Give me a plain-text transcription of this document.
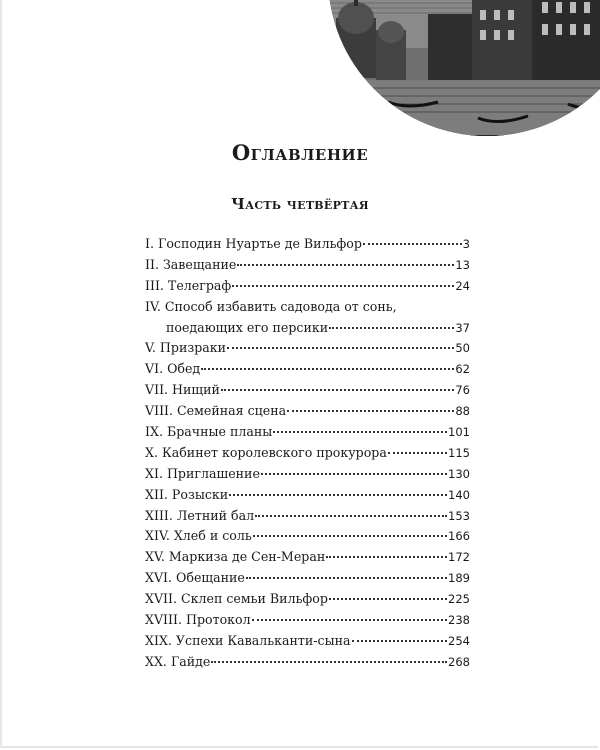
Оглавление
Часть четвёртая
I. Господин Нуартье де Вильфор	3
II. Завещание	13
III. Телеграф	24
IV. Способ избавить садовода от сонь,
поедающих его персики	37
V. Призраки	50
VI. Обед	62
VII. Нищий	76
VIII. Семейная сцена	88
IX. Брачные планы	101
X. Кабинет королевского прокурора	115
XI. Приглашение	130
XII. Розыски	140
XIII. Летний бал	153
XIV. Хлеб и соль	166
XV. Маркиза де Сен-Меран	172
XVI. Обещание	189
XVII. Склеп семьи Вильфор	225
XVIII. Протокол	238
XIX. Успехи Кавальканти-сына	254
XX. Гайде	268
